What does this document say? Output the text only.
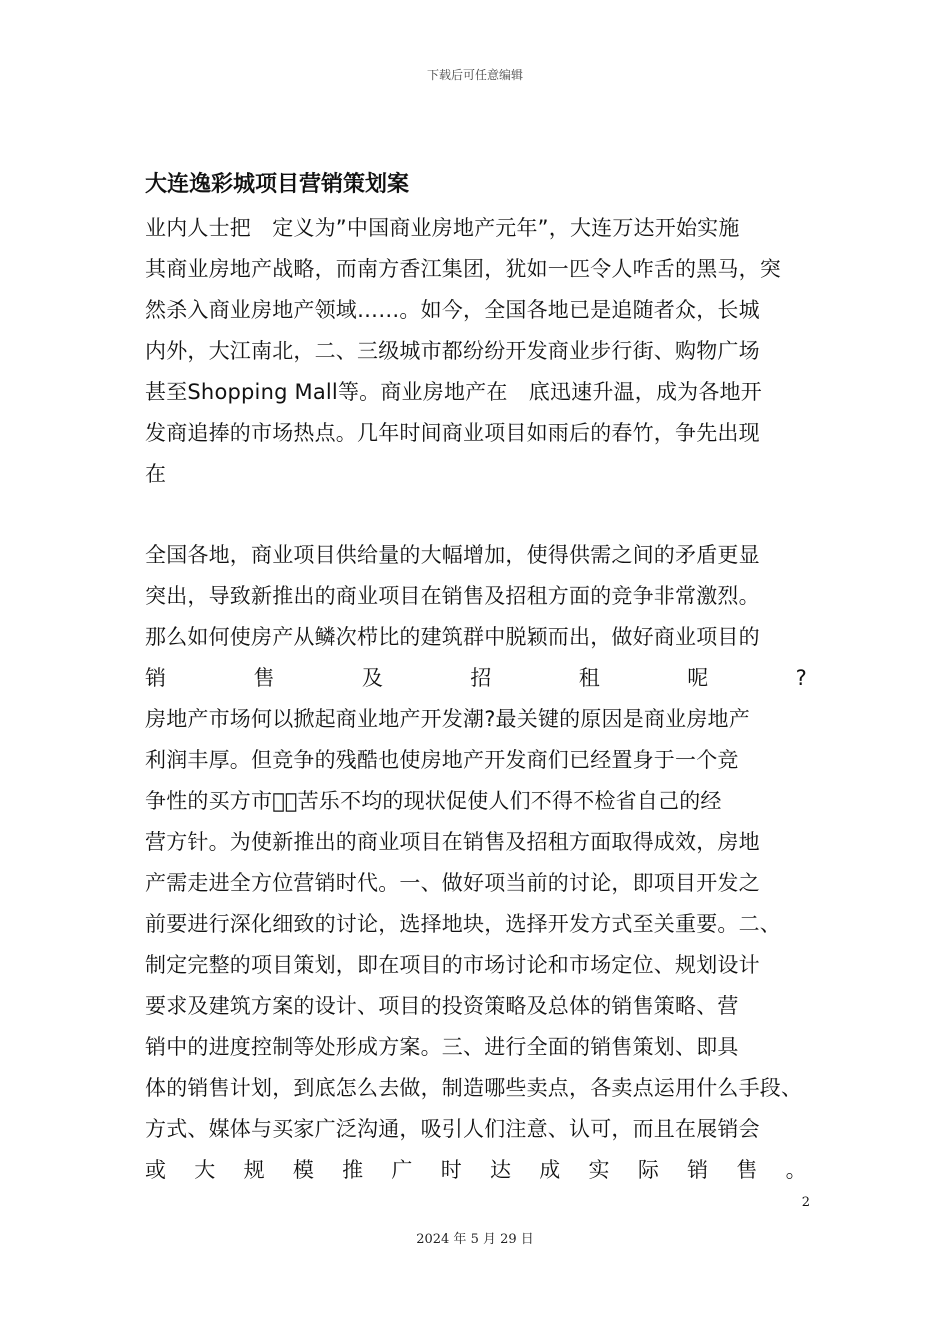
下载后可任意编辑
大连逸彩城项目营销策划案
业内人士把　定义为”中国商业房地产元年”，大连万达开始实施
其商业房地产战略，而南方香江集团，犹如一匹令人咋舌的黑马，突
然杀入商业房地产领域……。如今，全国各地已是追随者众，长城
内外，大江南北，二、三级城市都纷纷开发商业步行街、购物广场
甚至Shopping Mall等。商业房地产在　底迅速升温，成为各地开
发商追捧的市场热点。几年时间商业项目如雨后的春竹，争先出现
在
全国各地，商业项目供给量的大幅增加，使得供需之间的矛盾更显
突出，导致新推出的商业项目在销售及招租方面的竞争非常激烈。
那么如何使房产从鳞次栉比的建筑群中脱颖而出，做好商业项目的
销	售	及	招	租	呢	?
房地产市场何以掀起商业地产开发潮?最关键的原因是商业房地产
利润丰厚。但竞争的残酷也使房地产开发商们已经置身于一个竞
争性的买方市畅᷊苦乐不均的现状促使人们不得不检省自己的经
营方针。为使新推出的商业项目在销售及招租方面取得成效，房地
产需走进全方位营销时代。一、做好项当前的讨论，即项目开发之
前要进行深化细致的讨论，选择地块，选择开发方式至关重要。二、
制定完整的项目策划，即在项目的市场讨论和市场定位、规划设计
要求及建筑方案的设计、项目的投资策略及总体的销售策略、营
销中的进度控制等处形成方案。三、进行全面的销售策划、即具
体的销售计划，到底怎么去做，制造哪些卖点，各卖点运用什么手段、
方式、媒体与买家广泛沟通，吸引人们注意、认可，而且在展销会
或 大 规 模 推 广 时 达 成 实 际 销 售 。
2
2024 年 5 月 29 日
